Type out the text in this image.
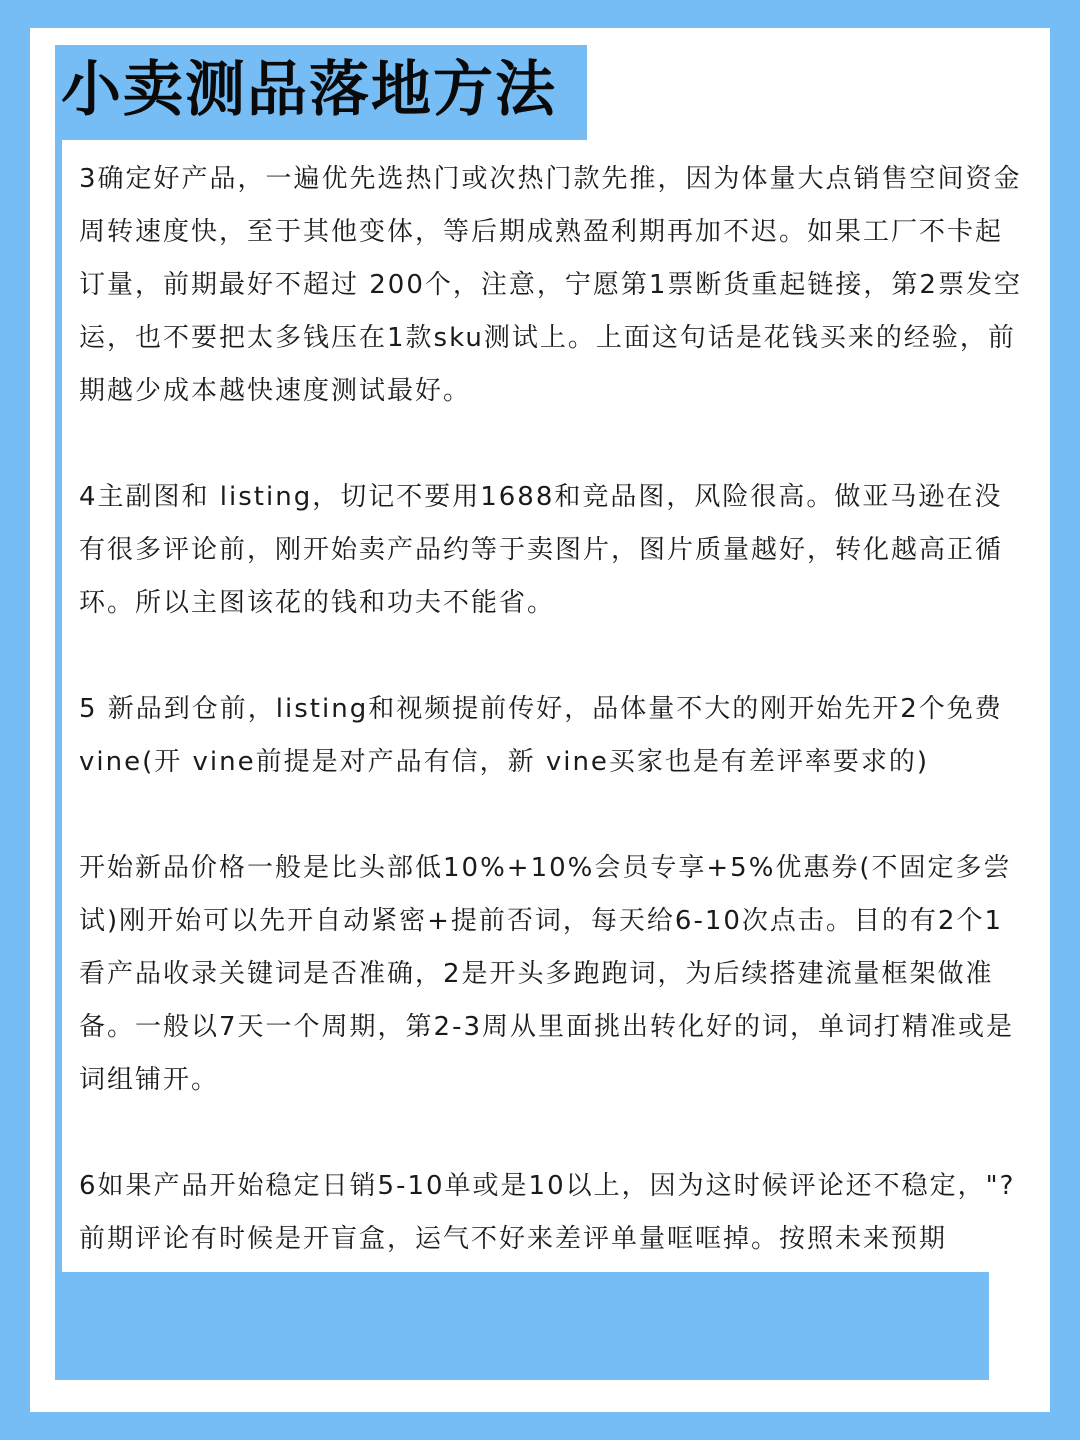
小卖测品落地方法

3确定好产品，一遍优先选热门或次热门款先推，因为体量大点销售空间资金周转速度快，至于其他变体，等后期成熟盈利期再加不迟。如果工厂不卡起订量，前期最好不超过 200个，注意，宁愿第1票断货重起链接，第2票发空运，也不要把太多钱压在1款sku测试上。上面这句话是花钱买来的经验，前期越少成本越快速度测试最好。

4主副图和 listing，切记不要用1688和竞品图，风险很高。做亚马逊在没有很多评论前，刚开始卖产品约等于卖图片，图片质量越好，转化越高正循环。所以主图该花的钱和功夫不能省。

5 新品到仓前，listing和视频提前传好，品体量不大的刚开始先开2个免费 vine(开 vine前提是对产品有信，新 vine买家也是有差评率要求的)

开始新品价格一般是比头部低10%+10%会员专享+5%优惠券(不固定多尝试)刚开始可以先开自动紧密+提前否词，每天给6-10次点击。目的有2个1看产品收录关键词是否准确，2是开头多跑跑词，为后续搭建流量框架做准备。一般以7天一个周期，第2-3周从里面挑出转化好的词，单词打精准或是词组铺开。

6如果产品开始稳定日销5-10单或是10以上，因为这时候评论还不稳定，"?前期评论有时候是开盲盒，运气不好来差评单量哐哐掉。按照未来预期
